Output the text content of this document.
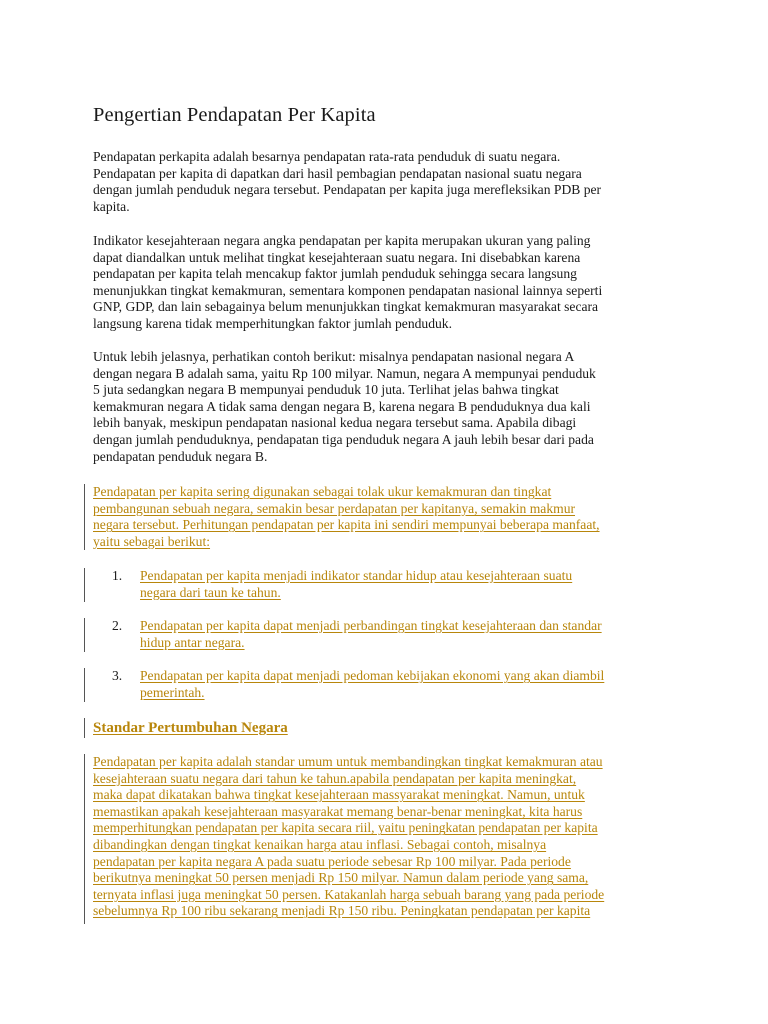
Pengertian Pendapatan Per Kapita

Pendapatan perkapita adalah besarnya pendapatan rata-rata penduduk di suatu negara.
Pendapatan per kapita di dapatkan dari hasil pembagian pendapatan nasional suatu negara
dengan jumlah penduduk negara tersebut. Pendapatan per kapita juga merefleksikan PDB per
kapita.

Indikator kesejahteraan negara angka pendapatan per kapita merupakan ukuran yang paling
dapat diandalkan untuk melihat tingkat kesejahteraan suatu negara. Ini disebabkan karena
pendapatan per kapita telah mencakup faktor jumlah penduduk sehingga secara langsung
menunjukkan tingkat kemakmuran, sementara komponen pendapatan nasional lainnya seperti
GNP, GDP, dan lain sebagainya belum menunjukkan tingkat kemakmuran masyarakat secara
langsung karena tidak memperhitungkan faktor jumlah penduduk.

Untuk lebih jelasnya, perhatikan contoh berikut: misalnya pendapatan nasional negara A
dengan negara B adalah sama, yaitu Rp 100 milyar. Namun, negara A mempunyai penduduk
5 juta sedangkan negara B mempunyai penduduk 10 juta. Terlihat jelas bahwa tingkat
kemakmuran negara A tidak sama dengan negara B, karena negara B penduduknya dua kali
lebih banyak, meskipun pendapatan nasional kedua negara tersebut sama. Apabila dibagi
dengan jumlah penduduknya, pendapatan tiga penduduk negara A jauh lebih besar dari pada
pendapatan penduduk negara B.

Pendapatan per kapita sering digunakan sebagai tolak ukur kemakmuran dan tingkat
pembangunan sebuah negara, semakin besar perdapatan per kapitanya, semakin makmur
negara tersebut. Perhitungan pendapatan per kapita ini sendiri mempunyai beberapa manfaat,
yaitu sebagai berikut:

1. Pendapatan per kapita menjadi indikator standar hidup atau kesejahteraan suatu
negara dari taun ke tahun.
2. Pendapatan per kapita dapat menjadi perbandingan tingkat kesejahteraan dan standar
hidup antar negara.
3. Pendapatan per kapita dapat menjadi pedoman kebijakan ekonomi yang akan diambil
pemerintah.
Standar Pertumbuhan Negara

Pendapatan per kapita adalah standar umum untuk membandingkan tingkat kemakmuran atau
kesejahteraan suatu negara dari tahun ke tahun.apabila pendapatan per kapita meningkat,
maka dapat dikatakan bahwa tingkat kesejahteraan massyarakat meningkat. Namun, untuk
memastikan apakah kesejahteraan masyarakat memang benar-benar meningkat, kita harus
memperhitungkan pendapatan per kapita secara riil, yaitu peningkatan pendapatan per kapita
dibandingkan dengan tingkat kenaikan harga atau inflasi. Sebagai contoh, misalnya
pendapatan per kapita negara A pada suatu periode sebesar Rp 100 milyar. Pada periode
berikutnya meningkat 50 persen menjadi Rp 150 milyar. Namun dalam periode yang sama,
ternyata inflasi juga meningkat 50 persen. Katakanlah harga sebuah barang yang pada periode
sebelumnya Rp 100 ribu sekarang menjadi Rp 150 ribu. Peningkatan pendapatan per kapita
